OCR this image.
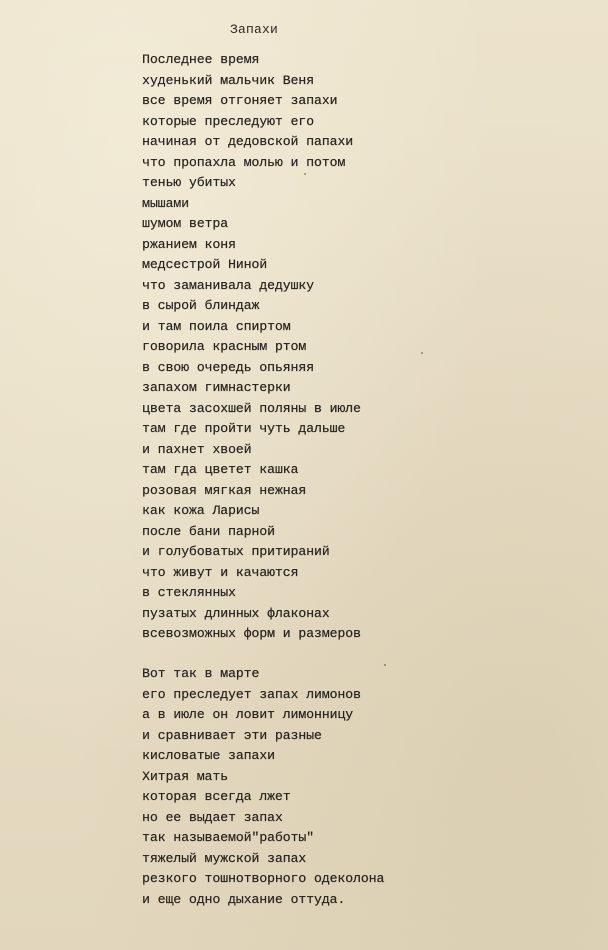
Запахи
Последнее время
худенький мальчик Веня
все время отгоняет запахи
которые преследуют его
начиная от дедовской папахи
что пропахла молью и потом
тенью убитых
мышами
шумом ветра
ржанием коня
медсестрой Ниной
что заманивала дедушку
в сырой блиндаж
и там поила спиртом
говорила красным ртом
в свою очередь опьяняя
запахом гимнастерки
цвета засохшей поляны в июле
там где пройти чуть дальше
и пахнет хвоей
там гда цветет кашка
розовая мягкая нежная
как кожа Ларисы
после бани парной
и голубоватых притираний
что живут и качаются
в стеклянных
пузатых длинных флаконах
всевозможных форм и размеров
Вот так в марте
его преследует запах лимонов
а в июле он ловит лимонницу
и сравнивает эти разные
кисловатые запахи
Хитрая мать
которая всегда лжет
но ее выдает запах
так называемой"работы"
тяжелый мужской запах
резкого тошнотворного одеколона
и еще одно дыхание оттуда.
